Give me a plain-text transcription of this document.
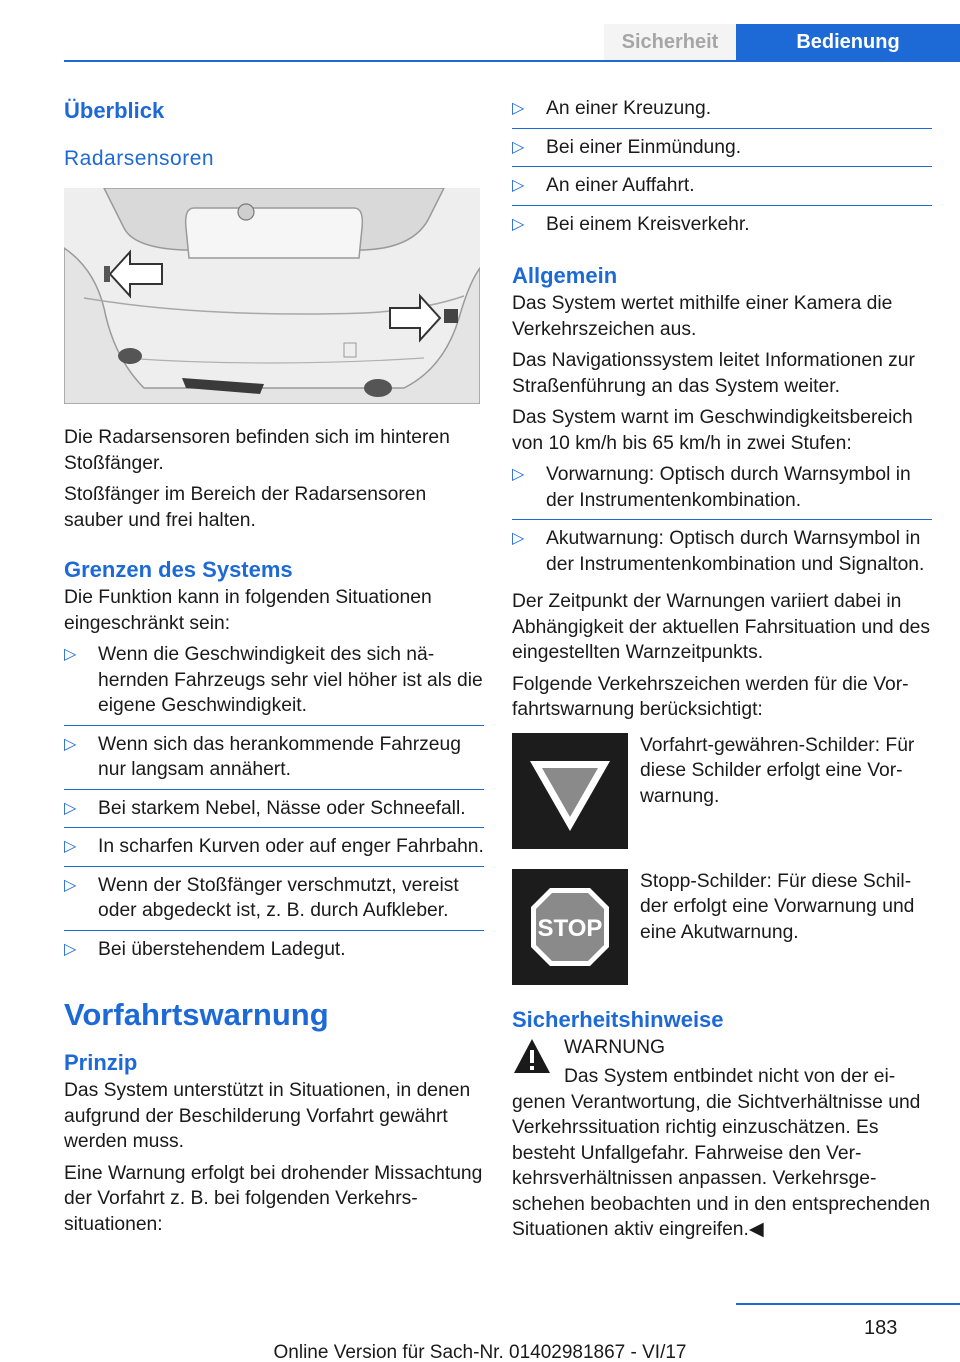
Sicherheit	Bedienung
Überblick
Radarsensoren

Die Radarsensoren befinden sich im hinteren Stoßfänger.

Stoßfänger im Bereich der Radarsensoren sauber und frei halten.

Grenzen des Systems

Die Funktion kann in folgenden Situationen eingeschränkt sein:

▷ Wenn die Geschwindigkeit des sich nähernden Fahrzeugs sehr viel höher ist als die eigene Geschwindigkeit.
▷ Wenn sich das herankommende Fahrzeug nur langsam annähert.
▷ Bei starkem Nebel, Nässe oder Schneefall.
▷ In scharfen Kurven oder auf enger Fahrbahn.
▷ Wenn der Stoßfänger verschmutzt, vereist oder abgedeckt ist, z. B. durch Aufkleber.
▷ Bei überstehendem Ladegut.
Vorfahrtswarnung
Prinzip

Das System unterstützt in Situationen, in denen aufgrund der Beschilderung Vorfahrt gewährt werden muss.

Eine Warnung erfolgt bei drohender Missachtung der Vorfahrt z. B. bei folgenden Verkehrssituationen:

▷ An einer Kreuzung.
▷ Bei einer Einmündung.
▷ An einer Auffahrt.
▷ Bei einem Kreisverkehr.
Allgemein

Das System wertet mithilfe einer Kamera die Verkehrszeichen aus.

Das Navigationssystem leitet Informationen zur Straßenführung an das System weiter.

Das System warnt im Geschwindigkeitsbereich von 10 km/h bis 65 km/h in zwei Stufen:

▷ Vorwarnung: Optisch durch Warnsymbol in der Instrumentenkombination.
▷ Akutwarnung: Optisch durch Warnsymbol in der Instrumentenkombination und Signalton.

Der Zeitpunkt der Warnungen variiert dabei in Abhängigkeit der aktuellen Fahrsituation und des eingestellten Warnzeitpunkts.

Folgende Verkehrszeichen werden für die Vorfahrtswarnung berücksichtigt:

Vorfahrt-gewähren-Schilder: Für diese Schilder erfolgt eine Vorwarnung.
STOP
Stopp-Schilder: Für diese Schilder erfolgt eine Vorwarnung und eine Akutwarnung.
Sicherheitshinweise
WARNUNG
Das System entbindet nicht von der eigenen Verantwortung, die Sichtverhältnisse und Verkehrssituation richtig einzuschätzen. Es besteht Unfallgefahr. Fahrweise den Verkehrsverhältnissen anpassen. Verkehrsgeschehen beobachten und in den entsprechenden Situationen aktiv eingreifen.◀
183
Online Version für Sach-Nr. 01402981867 - VI/17
